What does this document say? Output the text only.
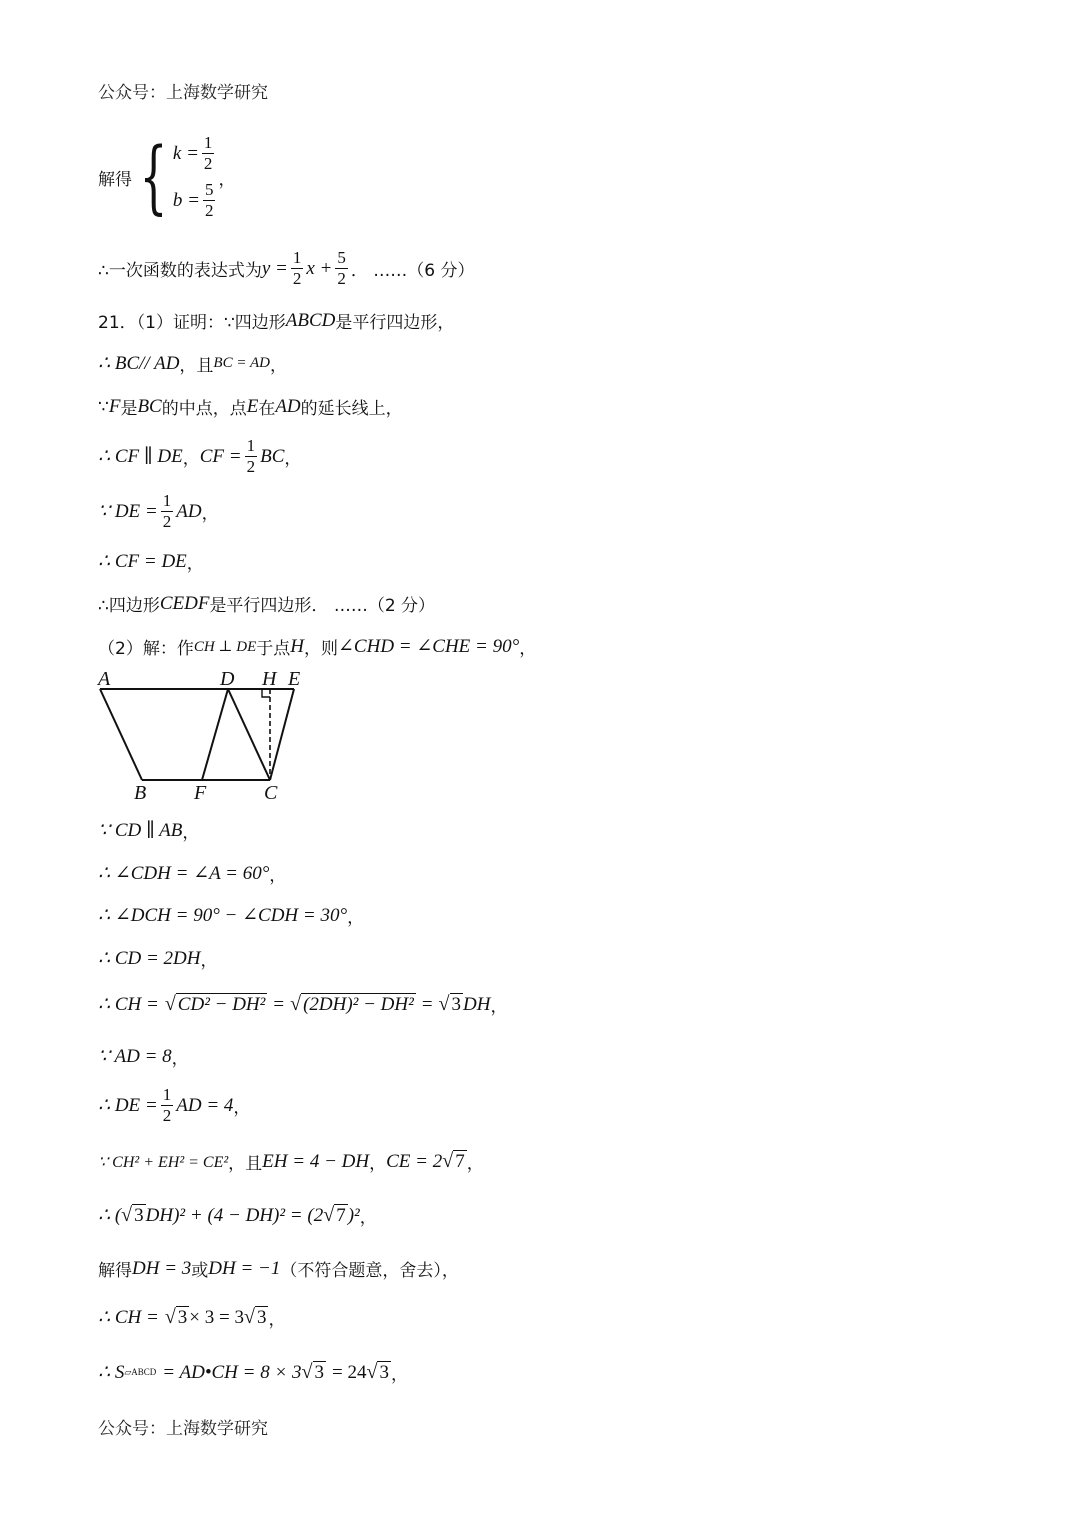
公众号：上海数学研究
解得 { $k = \frac{1}{2}$
$b = \frac{5}{2}$
，
∴一次函数的表达式为 $y = \frac{1}{2}$ $x + \frac{5}{2}$ ． ……（6 分）
21．（1）证明：∵四边形 ABCD 是平行四边形，
∴ BC// AD ，且 BC = AD ，
∵ F 是 BC 的中点，点 E 在 AD 的延长线上，
∴ CF ∥ DE ， CF = $\frac{1}{2}$ BC ，
∵ DE = $\frac{1}{2}$ AD ，
∴ CF = DE ，
∴四边形 CEDF 是平行四边形． ……（2 分）
（2）解：作 CH ⊥ DE 于点 H ，则 ∠CHD = ∠CHE = 90° ，
A	D H E
B F	C
∵ CD ∥ AB ，
∴ ∠CDH = ∠A = 60° ，
∴ ∠DCH = 90° − ∠CDH = 30° ，
∴ CD = 2DH ，
∴ CH = √ CD² − DH² = √ (2DH)² − DH² = √ 3 DH ，
∵ AD = 8 ，
∴ DE = $\frac{1}{2}$ AD = 4 ，
∵ CH² + EH² = CE² ，且 EH = 4 − DH ， CE = 2 √ 7 ，
∴ ( √ 3 DH)² + (4 − DH)² = (2 √ 7 )² ，
解得 DH = 3 或 DH = −1 （不符合题意，舍去），
∴ CH = √ 3 × 3 = 3 √ 3 ，
∴ S ▱ABCD = AD•CH = 8 × 3 √ 3 = 24 √ 3 ，
公众号：上海数学研究
